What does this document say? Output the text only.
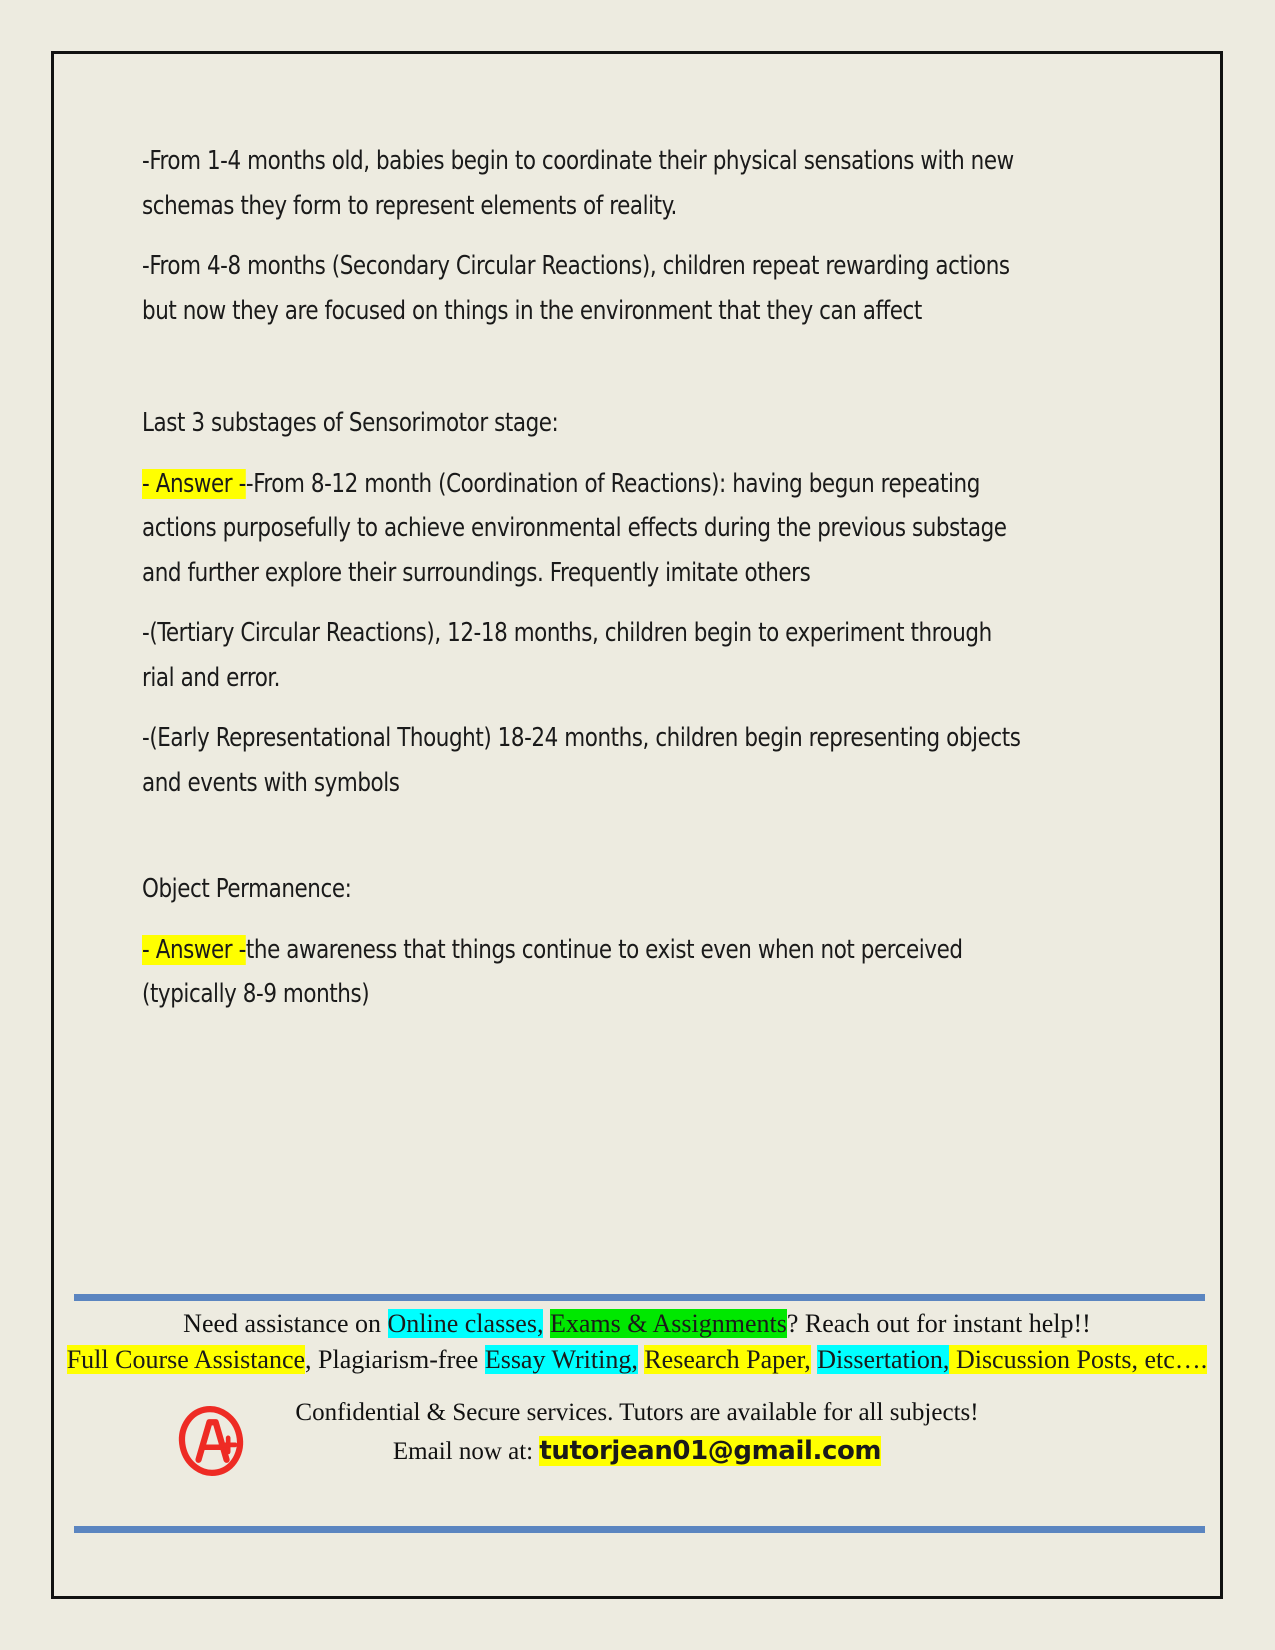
-From 1-4 months old, babies begin to coordinate their physical sensations with new schemas they form to represent elements of reality.

-From 4-8 months (Secondary Circular Reactions), children repeat rewarding actions but now they are focused on things in the environment that they can affect

Last 3 substages of Sensorimotor stage:

- Answer --From 8-12 month (Coordination of Reactions): having begun repeating actions purposefully to achieve environmental effects during the previous substage and further explore their surroundings. Frequently imitate others

-(Tertiary Circular Reactions), 12-18 months, children begin to experiment through rial and error.

-(Early Representational Thought) 18-24 months, children begin representing objects and events with symbols

Object Permanence:

- Answer -the awareness that things continue to exist even when not perceived (typically 8-9 months)

Need assistance on Online classes, Exams & Assignments? Reach out for instant help!!
Full Course Assistance, Plagiarism-free Essay Writing, Research Paper, Dissertation, Discussion Posts, etc….
Confidential & Secure services. Tutors are available for all subjects!
Email now at: tutorjean01@gmail.com
